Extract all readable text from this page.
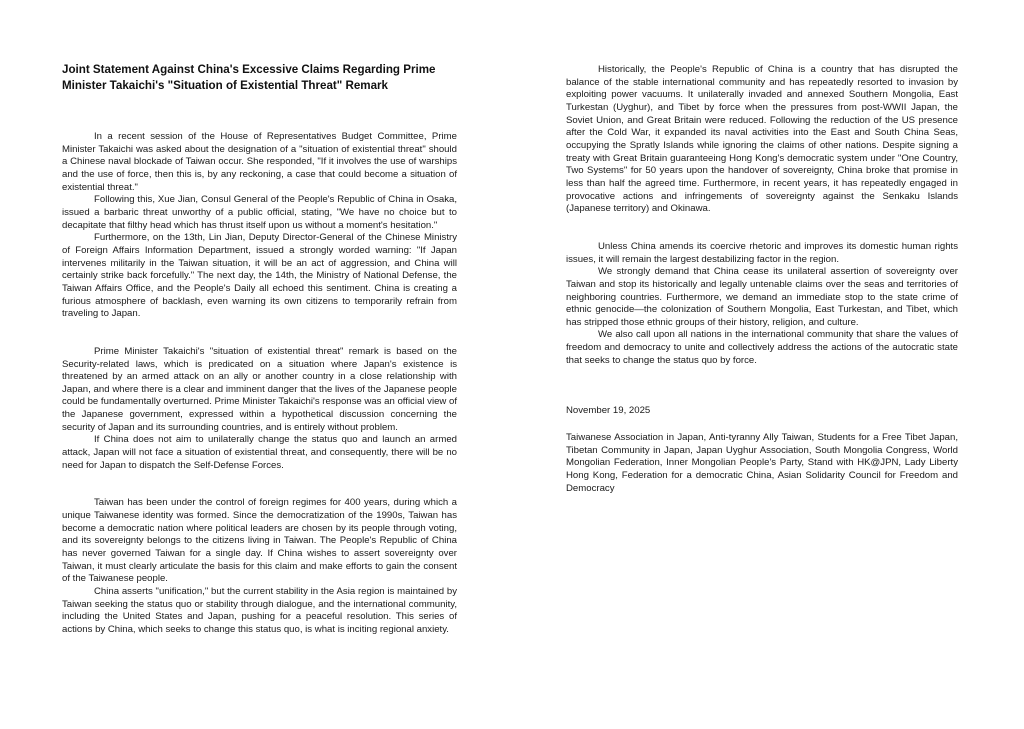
Joint Statement Against China's Excessive Claims Regarding Prime Minister Takaichi's "Situation of Existential Threat" Remark

In a recent session of the House of Representatives Budget Committee, Prime Minister Takaichi was asked about the designation of a "situation of existential threat" should a Chinese naval blockade of Taiwan occur. She responded, "If it involves the use of warships and the use of force, then this is, by any reckoning, a case that could become a situation of existential threat."

Following this, Xue Jian, Consul General of the People's Republic of China in Osaka, issued a barbaric threat unworthy of a public official, stating, "We have no choice but to decapitate that filthy head which has thrust itself upon us without a moment's hesitation."

Furthermore, on the 13th, Lin Jian, Deputy Director-General of the Chinese Ministry of Foreign Affairs Information Department, issued a strongly worded warning: "If Japan intervenes militarily in the Taiwan situation, it will be an act of aggression, and China will certainly strike back forcefully." The next day, the 14th, the Ministry of National Defense, the Taiwan Affairs Office, and the People's Daily all echoed this sentiment. China is creating a furious atmosphere of backlash, even warning its own citizens to temporarily refrain from traveling to Japan.

Prime Minister Takaichi's "situation of existential threat" remark is based on the Security-related laws, which is predicated on a situation where Japan's existence is threatened by an armed attack on an ally or another country in a close relationship with Japan, and where there is a clear and imminent danger that the lives of the Japanese people could be fundamentally overturned. Prime Minister Takaichi's response was an official view of the Japanese government, expressed within a hypothetical discussion concerning the security of Japan and its surrounding countries, and is entirely without problem.

If China does not aim to unilaterally change the status quo and launch an armed attack, Japan will not face a situation of existential threat, and consequently, there will be no need for Japan to dispatch the Self-Defense Forces.

Taiwan has been under the control of foreign regimes for 400 years, during which a unique Taiwanese identity was formed. Since the democratization of the 1990s, Taiwan has become a democratic nation where political leaders are chosen by its people through voting, and its sovereignty belongs to the citizens living in Taiwan. The People's Republic of China has never governed Taiwan for a single day. If China wishes to assert sovereignty over Taiwan, it must clearly articulate the basis for this claim and make efforts to gain the consent of the Taiwanese people.

China asserts "unification," but the current stability in the Asia region is maintained by Taiwan seeking the status quo or stability through dialogue, and the international community, including the United States and Japan, pushing for a peaceful resolution. This series of actions by China, which seeks to change this status quo, is what is inciting regional anxiety.

Historically, the People's Republic of China is a country that has disrupted the balance of the stable international community and has repeatedly resorted to invasion by exploiting power vacuums. It unilaterally invaded and annexed Southern Mongolia, East Turkestan (Uyghur), and Tibet by force when the pressures from post-WWII Japan, the Soviet Union, and Great Britain were reduced. Following the reduction of the US presence after the Cold War, it expanded its naval activities into the East and South China Seas, occupying the Spratly Islands while ignoring the claims of other nations. Despite signing a treaty with Great Britain guaranteeing Hong Kong's democratic system under "One Country, Two Systems" for 50 years upon the handover of sovereignty, China broke that promise in less than half the agreed time. Furthermore, in recent years, it has repeatedly engaged in provocative actions and infringements of sovereignty against the Senkaku Islands (Japanese territory) and Okinawa.

Unless China amends its coercive rhetoric and improves its domestic human rights issues, it will remain the largest destabilizing factor in the region.

We strongly demand that China cease its unilateral assertion of sovereignty over Taiwan and stop its historically and legally untenable claims over the seas and territories of neighboring countries. Furthermore, we demand an immediate stop to the state crime of ethnic genocide—the colonization of Southern Mongolia, East Turkestan, and Tibet, which has stripped those ethnic groups of their history, religion, and culture.

We also call upon all nations in the international community that share the values of freedom and democracy to unite and collectively address the actions of the autocratic state that seeks to change the status quo by force.

November 19, 2025

Taiwanese Association in Japan, Anti-tyranny Ally Taiwan, Students for a Free Tibet Japan, Tibetan Community in Japan, Japan Uyghur Association, South Mongolia Congress, World Mongolian Federation, Inner Mongolian People's Party, Stand with HK@JPN, Lady Liberty Hong Kong, Federation for a democratic China, Asian Solidarity Council for Freedom and Democracy
